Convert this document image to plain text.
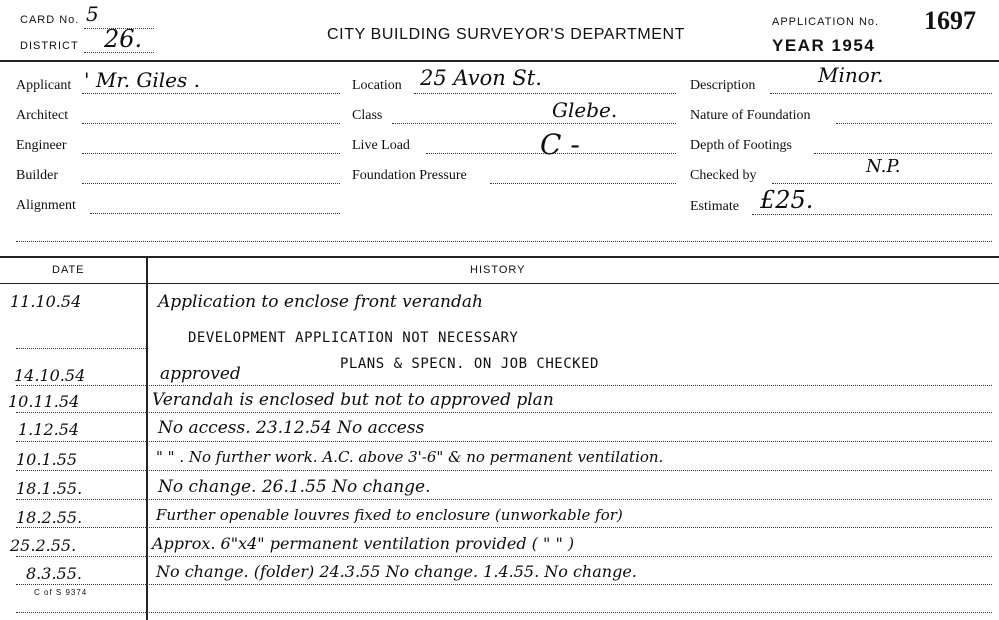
CARD No. 5
DISTRICT 26.	CITY BUILDING SURVEYOR'S DEPARTMENT
APPLICATION No. 1697
YEAR 1954
Applicant ' Mr. Giles .
Architect
Engineer
Builder
Alignment
Location 25 Avon St.
Class	Glebe.
Live Load	C -
Foundation Pressure
Description	Minor.
Nature of Foundation
Depth of Footings
Checked by	N.P.
Estimate £25.
DATE	HISTORY
11.10.54	Application to enclose front verandah
DEVELOPMENT APPLICATION NOT NECESSARY
PLANS & SPECN. ON JOB CHECKED
14.10.54	approved
10.11.54	Verandah is enclosed but not to approved plan
1.12.54	No access. 23.12.54 No access
10.1.55	" " . No further work. A.C. above 3'-6" & no permanent ventilation.
18.1.55.	No change. 26.1.55 No change.
18.2.55.	Further openable louvres fixed to enclosure (unworkable for)
25.2.55.	Approx. 6"x4" permanent ventilation provided ( " " )
8.3.55.	No change. (folder) 24.3.55 No change. 1.4.55. No change.
C of S 9374
